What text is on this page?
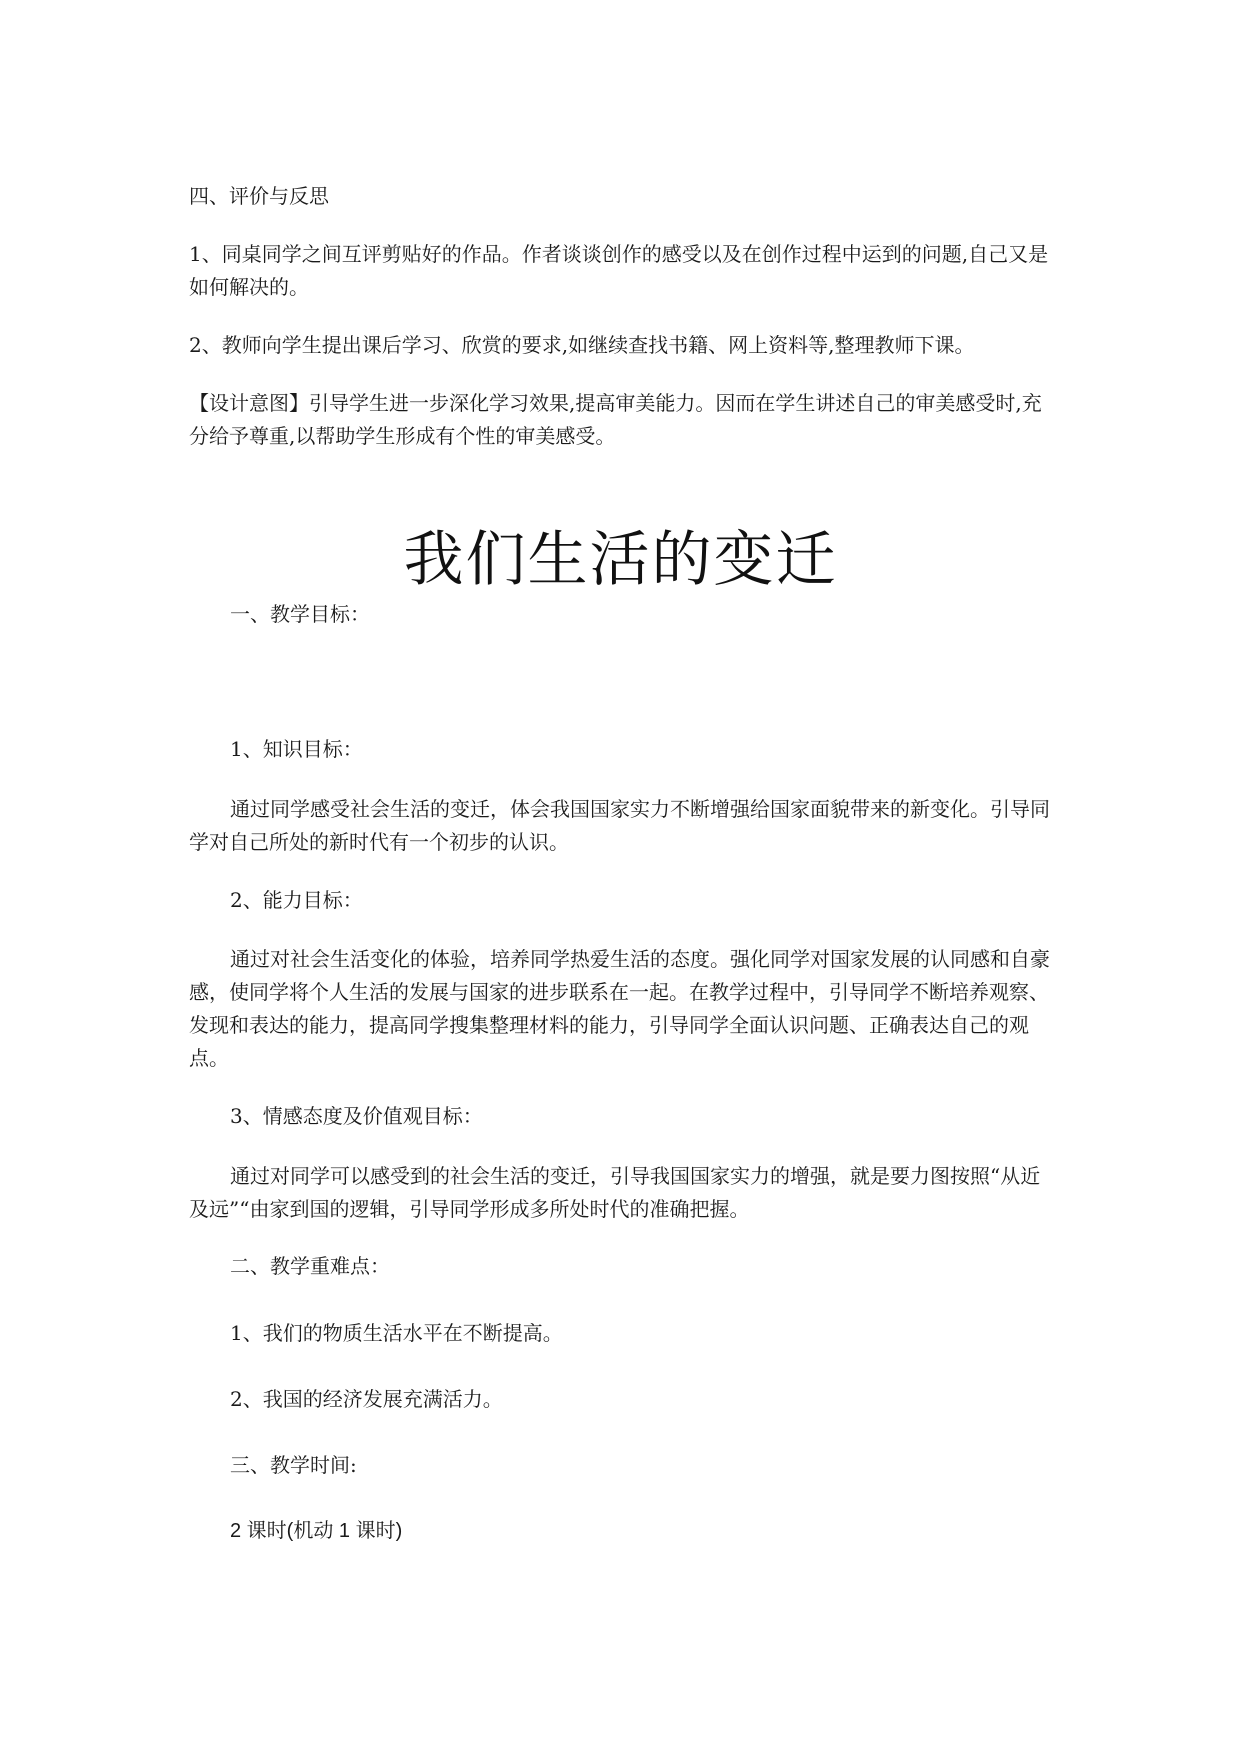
四、评价与反思

1、同桌同学之间互评剪贴好的作品。作者谈谈创作的感受以及在创作过程中运到的问题,自己又是如何解决的。

2、教师向学生提出课后学习、欣赏的要求,如继续查找书籍、网上资料等,整理教师下课。

【设计意图】引导学生进一步深化学习效果,提高审美能力。因而在学生讲述自己的审美感受时,充分给予尊重,以帮助学生形成有个性的审美感受。

我们生活的变迁

一、教学目标：

1、知识目标：

通过同学感受社会生活的变迁，体会我国国家实力不断增强给国家面貌带来的新变化。引导同学对自己所处的新时代有一个初步的认识。

2、能力目标：

通过对社会生活变化的体验，培养同学热爱生活的态度。强化同学对国家发展的认同感和自豪感，使同学将个人生活的发展与国家的进步联系在一起。在教学过程中，引导同学不断培养观察、发现和表达的能力，提高同学搜集整理材料的能力，引导同学全面认识问题、正确表达自己的观点。

3、情感态度及价值观目标：

通过对同学可以感受到的社会生活的变迁，引导我国国家实力的增强，就是要力图按照“从近及远”“由家到国的逻辑，引导同学形成多所处时代的准确把握。

二、教学重难点：

1、我们的物质生活水平在不断提高。

2、我国的经济发展充满活力。

三、教学时间:

2 课时(机动 1 课时)
